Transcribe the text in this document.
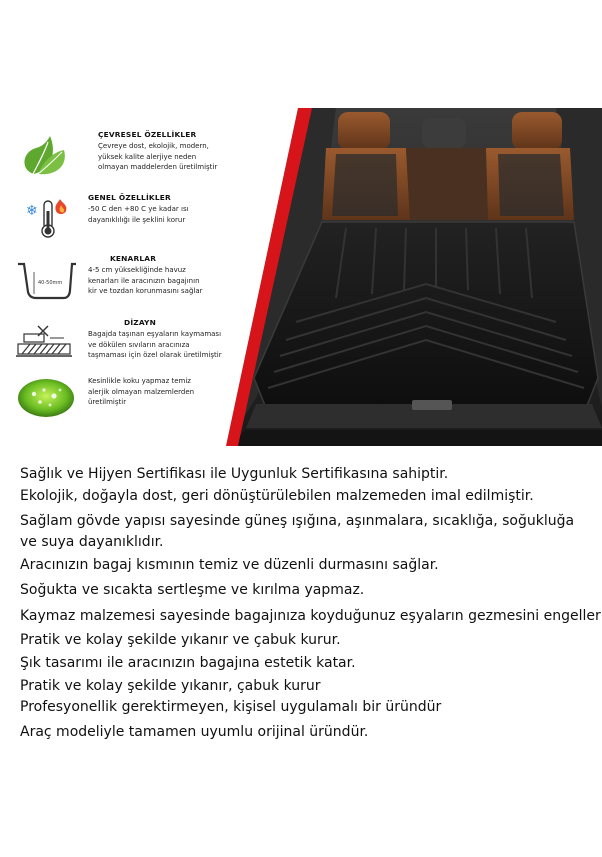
ÇEVRESEL ÖZELLİKLER
Çevreye dost, ekolojik, modern,
yüksek kalite alerjiye neden
olmayan maddelerden üretilmiştir
❄
GENEL ÖZELLİKLER
-50 C den +80 C ye kadar ısı
dayanıklılığı ile şeklini korur
40-50mm
KENARLAR
4-5 cm yüksekliğinde havuz
kenarları ile aracınızın bagajının
kir ve tozdan korunmasını sağlar
DİZAYN
Bagajda taşınan eşyaların kaymaması
ve dökülen sıvıların aracınıza
taşmaması için özel olarak üretilmiştir
Kesinlikle koku yapmaz temiz
alerjik olmayan malzemlerden
üretilmiştir
Sağlık ve Hijyen Sertifikası ile Uygunluk Sertifikasına sahiptir.
Ekolojik, doğayla dost, geri dönüştürülebilen malzemeden imal edilmiştir.
Sağlam gövde yapısı sayesinde güneş ışığına, aşınmalara, sıcaklığa, soğukluğa
ve suya dayanıklıdır.
Aracınızın bagaj kısmının temiz ve düzenli durmasını sağlar.
Soğukta ve sıcakta sertleşme ve kırılma yapmaz.
Kaymaz malzemesi sayesinde bagajınıza koyduğunuz eşyaların gezmesini engeller
Pratik ve kolay şekilde yıkanır ve çabuk kurur.
Şık tasarımı ile aracınızın bagajına estetik katar.
Pratik ve kolay şekilde yıkanır, çabuk kurur
Profesyonellik gerektirmeyen, kişisel uygulamalı bir üründür
Araç modeliyle tamamen uyumlu orijinal üründür.
